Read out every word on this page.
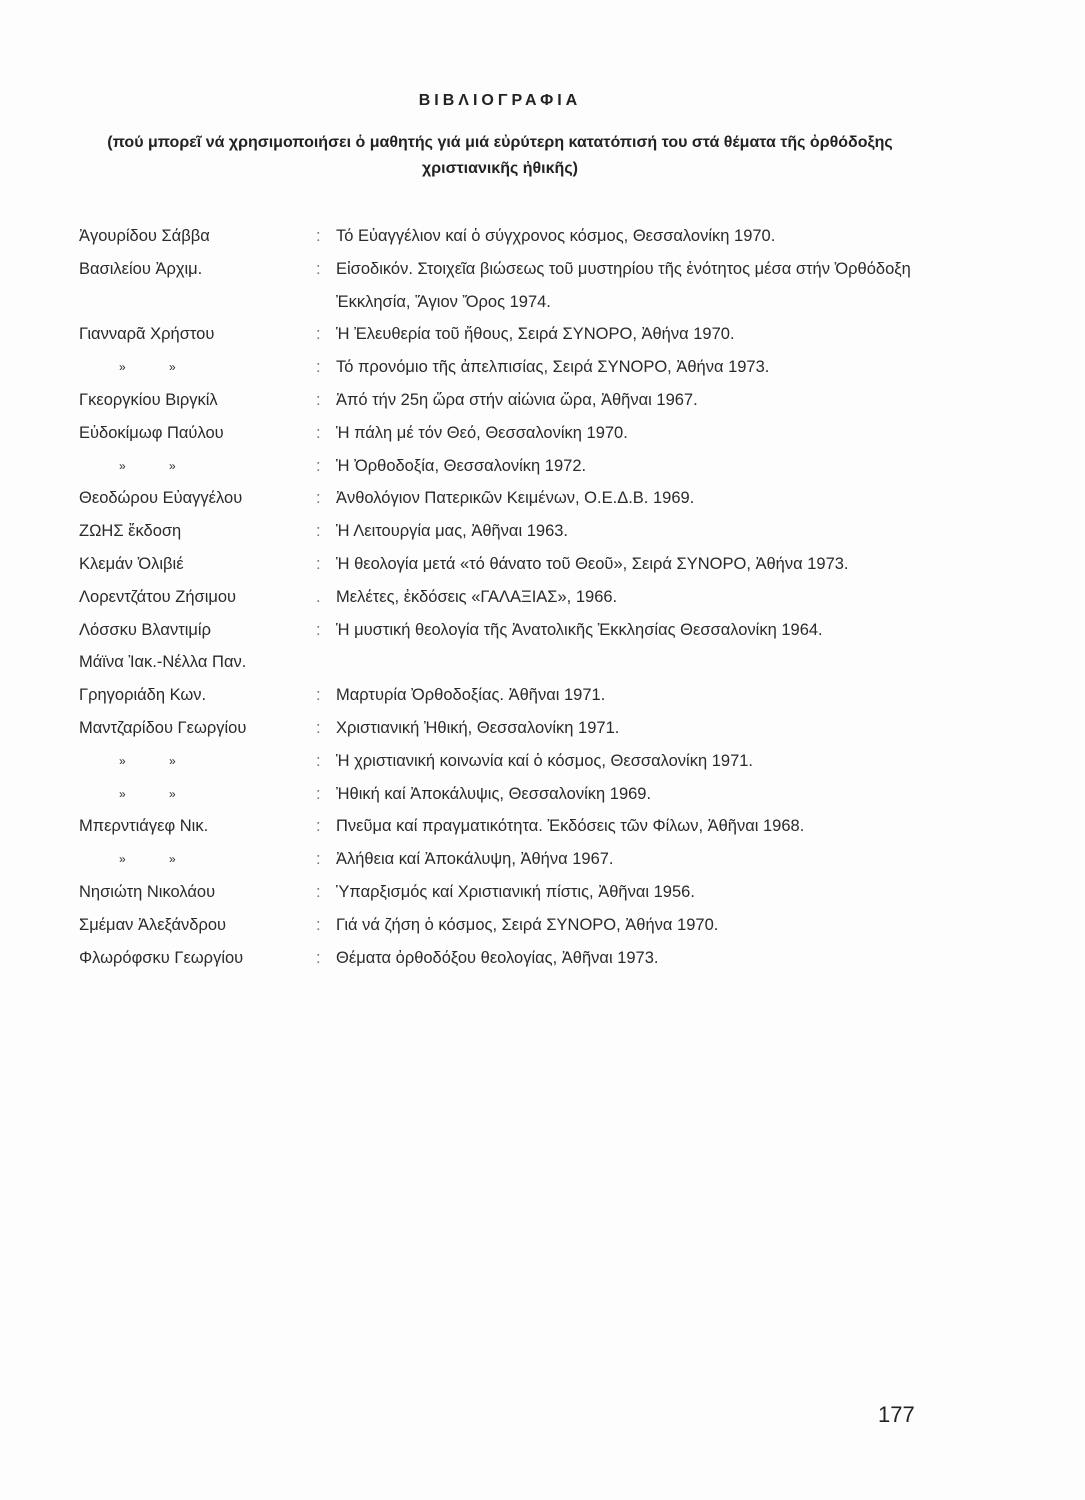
ΒΙΒΛΙΟΓΡΑΦΙΑ
(πού μπορεῖ νά χρησιμοποιήσει ὁ μαθητής γιά μιά εὐρύτερη κατατόπισή του στά θέματα τῆς ὀρθόδοξης χριστιανικῆς ἠθικῆς)
Ἀγουρίδου Σάββα	: Τό Εὐαγγέλιον καί ὁ σύγχρονος κόσμος, Θεσσαλονίκη 1970.
Βασιλείου Ἀρχιμ.	: Εἰσοδικόν. Στοιχεῖα βιώσεως τοῦ μυστηρίου τῆς ἑνότητος μέσα στήν Ὀρθόδοξη Ἐκκλησία, Ἅγιον Ὄρος 1974.
Γιανναρᾶ Χρήστου	: Ἡ Ἐλευθερία τοῦ ἤθους, Σειρά ΣΥΝΟΡΟ, Ἀθήνα 1970.
» »	: Τό προνόμιο τῆς ἀπελπισίας, Σειρά ΣΥΝΟΡΟ, Ἀθήνα 1973.
Γκεοργκίου Βιργκίλ	: Ἀπό τήν 25η ὥρα στήν αἰώνια ὥρα, Ἀθῆναι 1967.
Εὐδοκίμωφ Παύλου	: Ἡ πάλη μέ τόν Θεό, Θεσσαλονίκη 1970.
» »	: Ἡ Ὀρθοδοξία, Θεσσαλονίκη 1972.
Θεοδώρου Εὐαγγέλου	: Ἀνθολόγιον Πατερικῶν Κειμένων, Ο.Ε.Δ.Β. 1969.
ΖΩΗΣ ἔκδοση	: Ἡ Λειτουργία μας, Ἀθῆναι 1963.
Κλεμάν Ὀλιβιέ	: Ἡ θεολογία μετά «τό θάνατο τοῦ Θεοῦ», Σειρά ΣΥΝΟΡΟ, Ἀθήνα 1973.
Λορεντζάτου Ζήσιμου	. Μελέτες, ἐκδόσεις «ΓΑΛΑΞΙΑΣ», 1966.
Λόσσκυ Βλαντιμίρ	: Ἡ μυστική θεολογία τῆς Ἀνατολικῆς Ἐκκλησίας Θεσσαλονίκη 1964.
Μάϊνα Ἰακ.-Νέλλα Παν.
Γρηγοριάδη Κων.	: Μαρτυρία Ὀρθοδοξίας. Ἀθῆναι 1971.
Μαντζαρίδου Γεωργίου	: Χριστιανική Ἠθική, Θεσσαλονίκη 1971.
» »	: Ἡ χριστιανική κοινωνία καί ὁ κόσμος, Θεσσαλονίκη 1971.
» »	: Ἠθική καί Ἀποκάλυψις, Θεσσαλονίκη 1969.
Μπερντιάγεφ Νικ.	: Πνεῦμα καί πραγματικότητα. Ἐκδόσεις τῶν Φίλων, Ἀθῆναι 1968.
» »	: Ἀλήθεια καί Ἀποκάλυψη, Ἀθήνα 1967.
Νησιώτη Νικολάου	: Ὑπαρξισμός καί Χριστιανική πίστις, Ἀθῆναι 1956.
Σμέμαν Ἀλεξάνδρου	: Γιά νά ζήση ὁ κόσμος, Σειρά ΣΥΝΟΡΟ, Ἀθήνα 1970.
Φλωρόφσκυ Γεωργίου	: Θέματα ὀρθοδόξου θεολογίας, Ἀθῆναι 1973.
177
